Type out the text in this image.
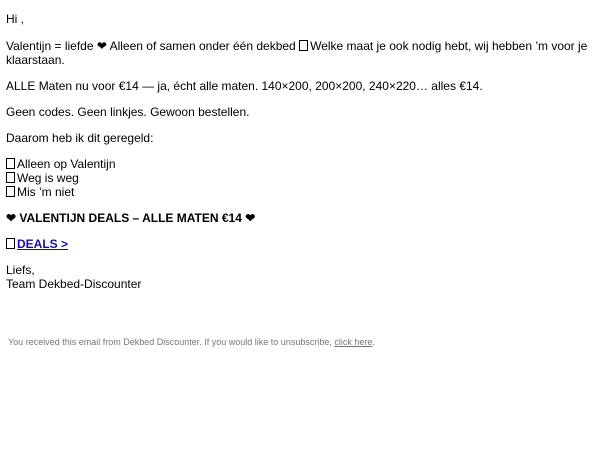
Hi ,

Valentijn = liefde ❤ Alleen of samen onder één dekbed Welke maat je ook nodig hebt, wij hebben ’m voor je klaarstaan.

ALLE Maten nu voor €14 — ja, écht alle maten. 140×200, 200×200, 240×220… alles €14.

Geen codes. Geen linkjes. Gewoon bestellen.

Daarom heb ik dit geregeld:

Alleen op Valentijn
Weg is weg
Mis ’m niet

❤ VALENTIJN DEALS – ALLE MATEN €14 ❤

DEALS >

Liefs,
Team Dekbed-Discounter

You received this email from Dekbed Discounter. If you would like to unsubscribe, click here.
